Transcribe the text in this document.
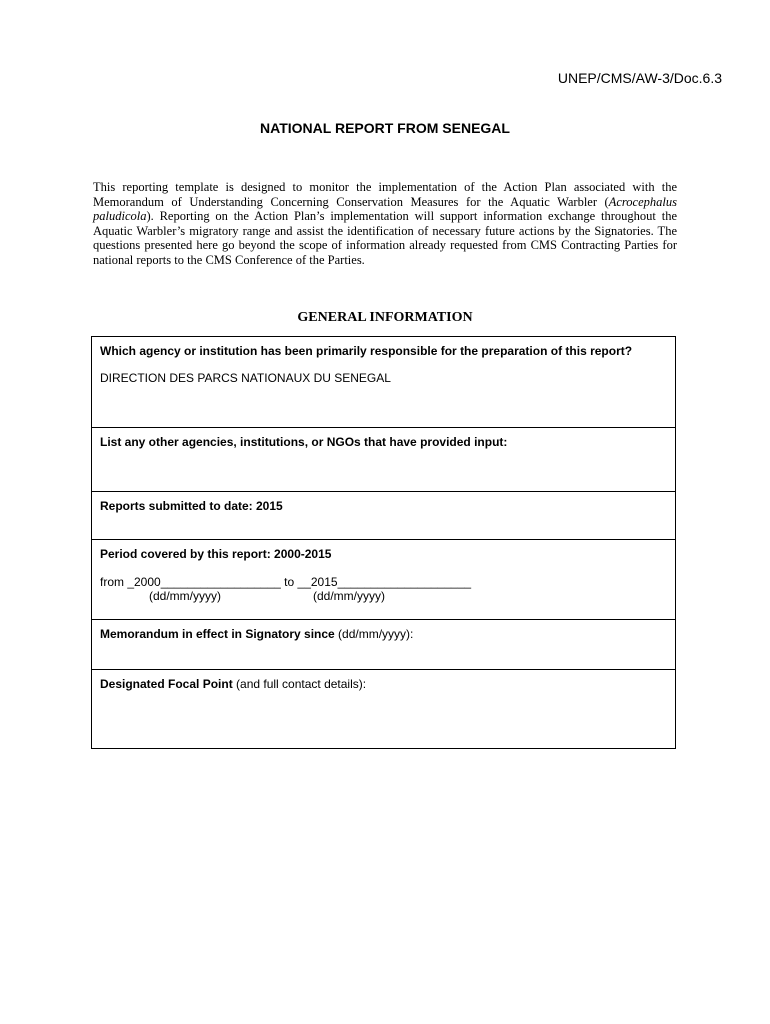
UNEP/CMS/AW-3/Doc.6.3
NATIONAL REPORT FROM SENEGAL
This reporting template is designed to monitor the implementation of the Action Plan associated with the Memorandum of Understanding Concerning Conservation Measures for the Aquatic Warbler (Acrocephalus paludicola). Reporting on the Action Plan’s implementation will support information exchange throughout the Aquatic Warbler’s migratory range and assist the identification of necessary future actions by the Signatories. The questions presented here go beyond the scope of information already requested from CMS Contracting Parties for national reports to the CMS Conference of the Parties.
GENERAL INFORMATION
Which agency or institution has been primarily responsible for the preparation of this report?
DIRECTION DES PARCS NATIONAUX DU SENEGAL
List any other agencies, institutions, or NGOs that have provided input:
Reports submitted to date: 2015
Period covered by this report: 2000-2015
from _2000__________________ to __2015____________________
(dd/mm/yyyy)	(dd/mm/yyyy)
Memorandum in effect in Signatory since (dd/mm/yyyy):
Designated Focal Point (and full contact details):
